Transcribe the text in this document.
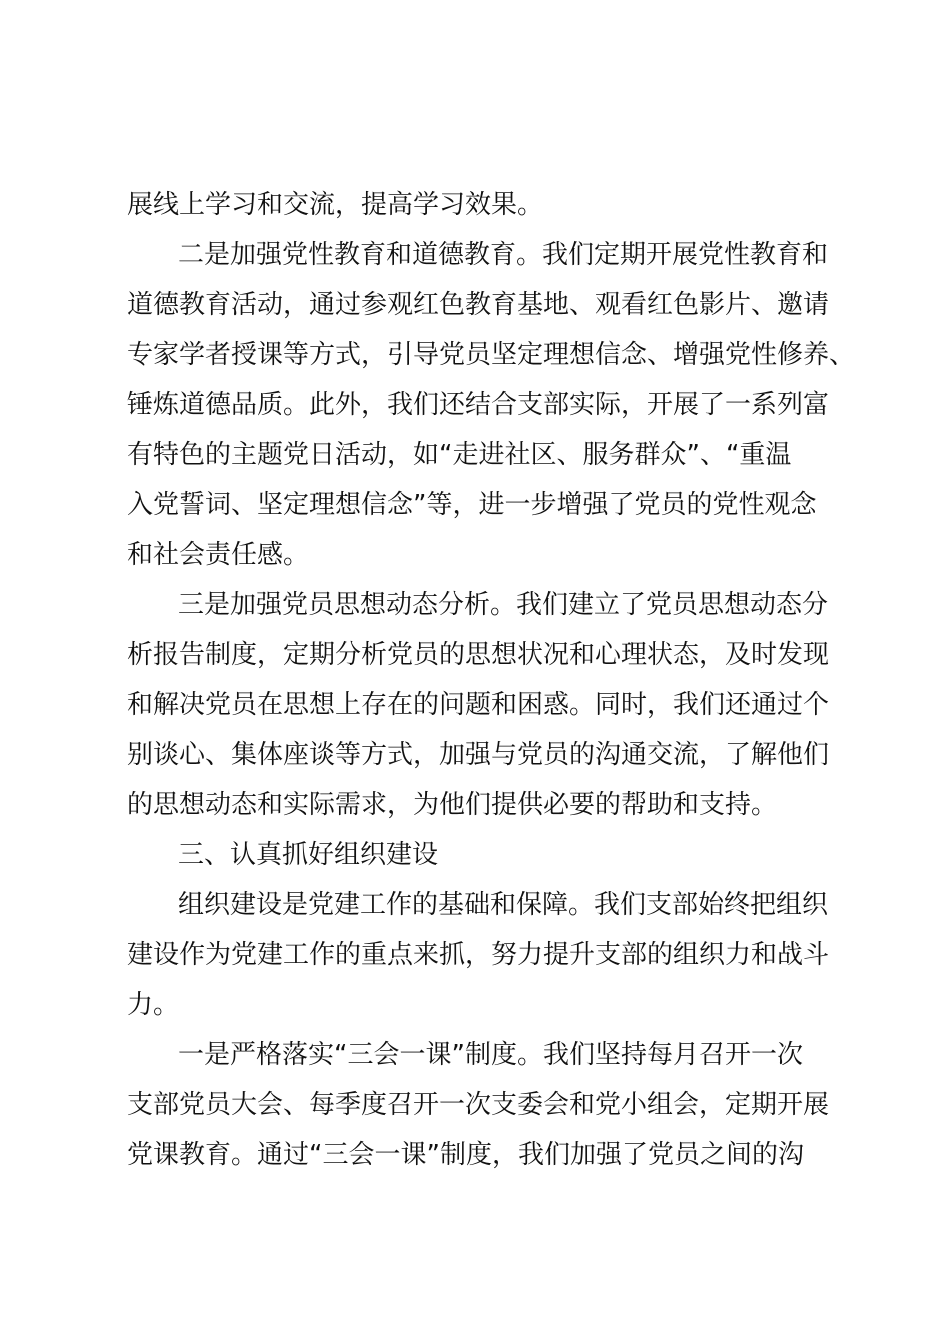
展线上学习和交流，提高学习效果。
二是加强党性教育和道德教育。我们定期开展党性教育和
道德教育活动，通过参观红色教育基地、观看红色影片、邀请
专家学者授课等方式，引导党员坚定理想信念、增强党性修养、
锤炼道德品质。此外，我们还结合支部实际，开展了一系列富
有特色的主题党日活动，如“走进社区、服务群众”、“重温
入党誓词、坚定理想信念”等，进一步增强了党员的党性观念
和社会责任感。
三是加强党员思想动态分析。我们建立了党员思想动态分
析报告制度，定期分析党员的思想状况和心理状态，及时发现
和解决党员在思想上存在的问题和困惑。同时，我们还通过个
别谈心、集体座谈等方式，加强与党员的沟通交流，了解他们
的思想动态和实际需求，为他们提供必要的帮助和支持。
三、认真抓好组织建设
组织建设是党建工作的基础和保障。我们支部始终把组织
建设作为党建工作的重点来抓，努力提升支部的组织力和战斗
力。
一是严格落实“三会一课”制度。我们坚持每月召开一次
支部党员大会、每季度召开一次支委会和党小组会，定期开展
党课教育。通过“三会一课”制度，我们加强了党员之间的沟
